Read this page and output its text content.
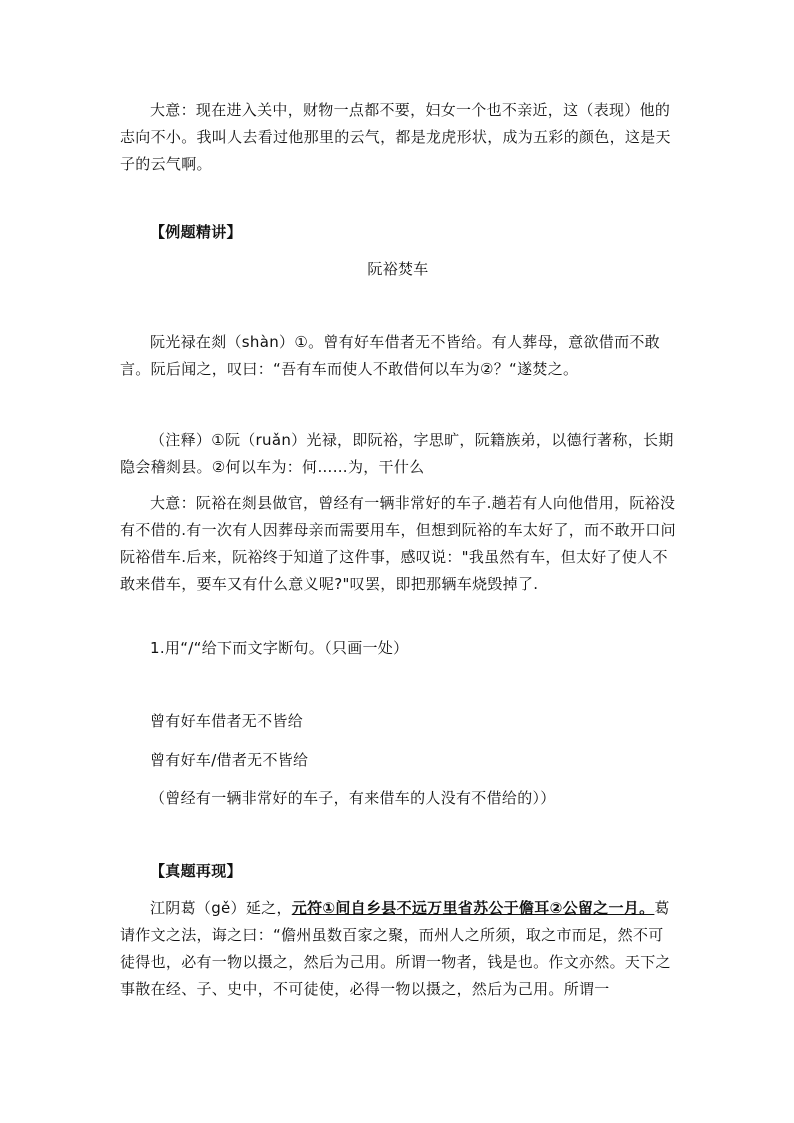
大意：现在进入关中，财物一点都不要，妇女一个也不亲近，这（表现）他的志向不小。我叫人去看过他那里的云气，都是龙虎形状，成为五彩的颜色，这是天子的云气啊。

【例题精讲】

阮裕焚车

阮光禄在剡（shàn）①。曾有好车借者无不皆给。有人葬母，意欲借而不敢言。阮后闻之，叹曰：“吾有车而使人不敢借何以车为②？“遂焚之。

（注释）①阮（ruǎn）光禄，即阮裕，字思旷，阮籍族弟，以德行著称，长期隐会稽剡县。②何以车为：何……为，干什么

大意：阮裕在剡县做官，曾经有一辆非常好的车子.趟若有人向他借用，阮裕没有不借的.有一次有人因葬母亲而需要用车，但想到阮裕的车太好了，而不敢开口问阮裕借车.后来，阮裕终于知道了这件事，感叹说："我虽然有车，但太好了使人不敢来借车，要车又有什么意义呢?"叹罢，即把那辆车烧毁掉了.

1.用“/“给下而文字断句。（只画一处）

曾有好车借者无不皆给

曾有好车/借者无不皆给

（曾经有一辆非常好的车子，有来借车的人没有不借给的））

【真题再现】

江阴葛（gě）延之，元符①间自乡县不远万里省苏公于儋耳②公留之一月。葛请作文之法，诲之曰：“儋州虽数百家之聚，而州人之所须，取之市而足，然不可徒得也，必有一物以摄之，然后为己用。所谓一物者，钱是也。作文亦然。天下之事散在经、子、史中，不可徒使，必得一物以摄之，然后为己用。所谓一
